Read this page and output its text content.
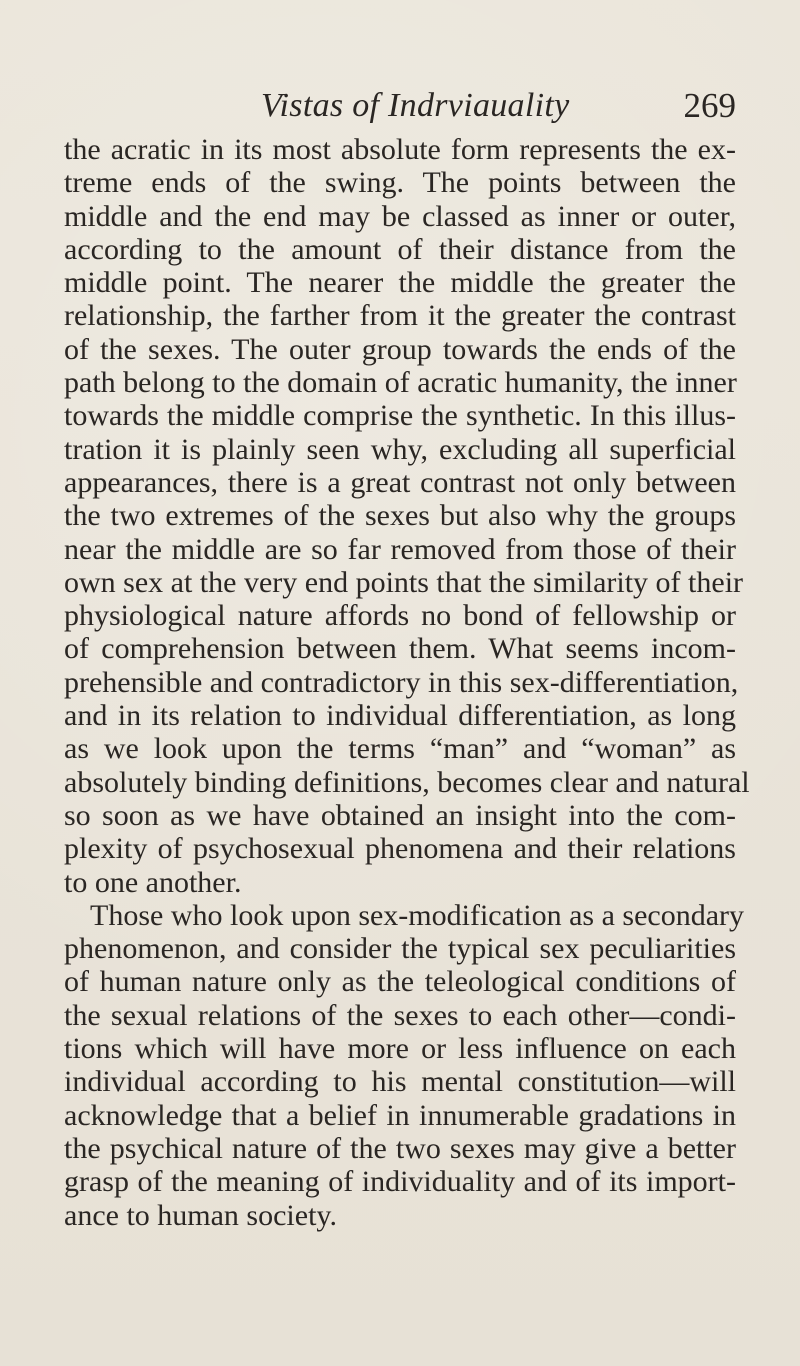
Vistas of Indrviauality	269
the acratic in its most absolute form represents the ex-
treme ends of the swing. The points between the
middle and the end may be classed as inner or outer,
according to the amount of their distance from the
middle point. The nearer the middle the greater the
relationship, the farther from it the greater the contrast
of the sexes. The outer group towards the ends of the
path belong to the domain of acratic humanity, the inner
towards the middle comprise the synthetic. In this illus-
tration it is plainly seen why, excluding all superficial
appearances, there is a great contrast not only between
the two extremes of the sexes but also why the groups
near the middle are so far removed from those of their
own sex at the very end points that the similarity of their
physiological nature affords no bond of fellowship or
of comprehension between them. What seems incom-
prehensible and contradictory in this sex-differentiation,
and in its relation to individual differentiation, as long
as we look upon the terms “man” and “woman” as
absolutely binding definitions, becomes clear and natural
so soon as we have obtained an insight into the com-
plexity of psychosexual phenomena and their relations
to one another.
Those who look upon sex-modification as a secondary
phenomenon, and consider the typical sex peculiarities
of human nature only as the teleological conditions of
the sexual relations of the sexes to each other—condi-
tions which will have more or less influence on each
individual according to his mental constitution—will
acknowledge that a belief in innumerable gradations in
the psychical nature of the two sexes may give a better
grasp of the meaning of individuality and of its import-
ance to human society.
